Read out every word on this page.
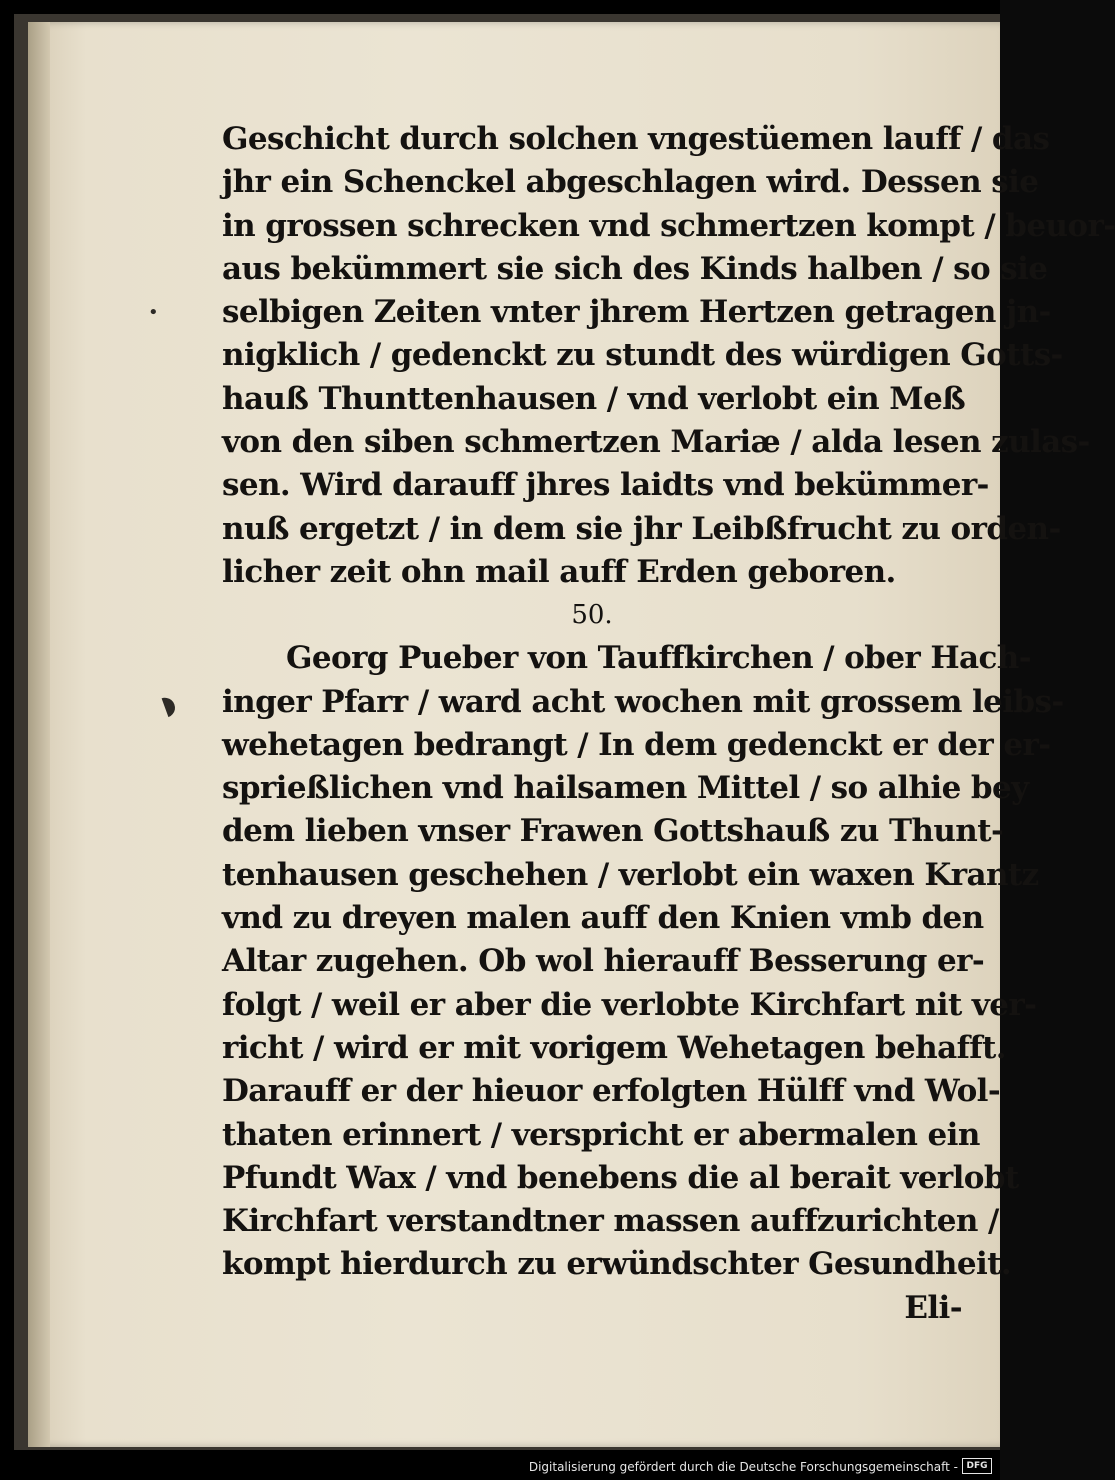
•
◗
Geschicht durch solchen vngestüemen lauff / das
jhr ein Schenckel abgeschlagen wird. Dessen sie
in grossen schrecken vnd schmertzen kompt / beuor-
aus bekümmert sie sich des Kinds halben / so sie
selbigen Zeiten vnter jhrem Hertzen getragen jn-
nigklich / gedenckt zu stundt des würdigen Gotts-
hauß Thunttenhausen / vnd verlobt ein Meß
von den siben schmertzen Mariæ / alda lesen zulas-
sen. Wird darauff jhres laidts vnd bekümmer-
nuß ergetzt / in dem sie jhr Leibßfrucht zu orden-
licher zeit ohn mail auff Erden geboren.
50.
Georg Pueber von Tauffkirchen / ober Hach-
inger Pfarr / ward acht wochen mit grossem leibs-
wehetagen bedrangt / In dem gedenckt er der er-
sprießlichen vnd hailsamen Mittel / so alhie bey
dem lieben vnser Frawen Gottshauß zu Thunt-
tenhausen geschehen / verlobt ein waxen Krantz
vnd zu dreyen malen auff den Knien vmb den
Altar zugehen. Ob wol hierauff Besserung er-
folgt / weil er aber die verlobte Kirchfart nit ver-
richt / wird er mit vorigem Wehetagen behafft.
Darauff er der hieuor erfolgten Hülff vnd Wol-
thaten erinnert / verspricht er abermalen ein
Pfundt Wax / vnd benebens die al berait verlobt
Kirchfart verstandtner massen auffzurichten /
kompt hierdurch zu erwündschter Gesundheit.
Eli-
Digitalisierung gefördert durch die Deutsche Forschungsgemeinschaft - DFG
